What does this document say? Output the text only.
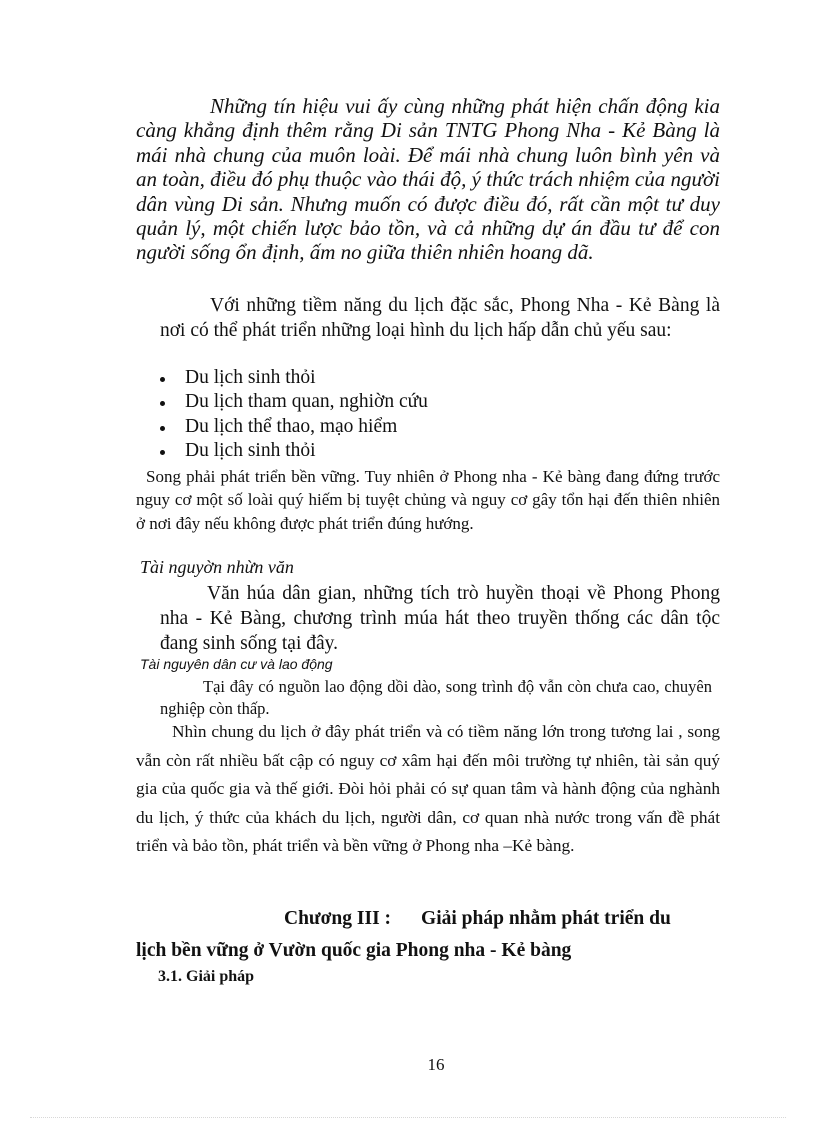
Những tín hiệu vui ấy cùng những phát hiện chấn động kia càng khẳng định thêm rằng Di sản TNTG Phong Nha - Kẻ Bàng là mái nhà chung của muôn loài. Để mái nhà chung luôn bình yên và an toàn, điều đó phụ thuộc vào thái độ, ý thức trách nhiệm của người dân vùng Di sản. Nhưng muốn có được điều đó, rất cần một tư duy quản lý, một chiến lược bảo tồn, và cả những dự án đầu tư để con người sống ổn định, ấm no giữa thiên nhiên hoang dã.

Với những tiềm năng du lịch đặc sắc, Phong Nha - Kẻ Bàng là nơi có thể phát triển những loại hình du lịch hấp dẫn chủ yếu sau:

Du lịch sinh thỏi
Du lịch tham quan, nghiờn cứu
Du lịch thể thao, mạo hiểm
Du lịch sinh thỏi

Song phải phát triển bền vững. Tuy nhiên ở Phong nha - Kẻ bàng đang đứng trước nguy cơ một số loài quý hiếm bị tuyệt chủng và nguy cơ gây tổn hại đến thiên nhiên ở nơi đây nếu không được phát triển đúng hướng.

Tài nguyờn nhừn văn

Văn húa dân gian, những tích trò huyền thoại về Phong Phong nha - Kẻ Bàng, chương trình múa hát theo truyền thống các dân tộc đang sinh sống tại đây.

Tài nguyên dân cư và lao động

Tại đây có nguồn lao động dồi dào, song trình độ vẫn còn chưa cao, chuyên nghiệp còn thấp.

Nhìn chung du lịch ở đây phát triển và có tiềm năng lớn trong tương lai , song vẫn còn rất nhiều bất cập có nguy cơ xâm hại đến môi trường tự nhiên, tài sản quý gia của quốc gia và thế giới. Đòi hỏi phải có sự quan tâm và hành động của nghành du lịch, ý thức của khách du lịch, người dân, cơ quan nhà nước trong vấn đề phát triển và bảo tồn, phát triển và bền vững ở Phong nha –Kẻ bàng.

Chương III : Giải pháp nhằm phát triển du
lịch bền vững ở Vườn quốc gia Phong nha - Kẻ bàng
3.1. Giải pháp
16
